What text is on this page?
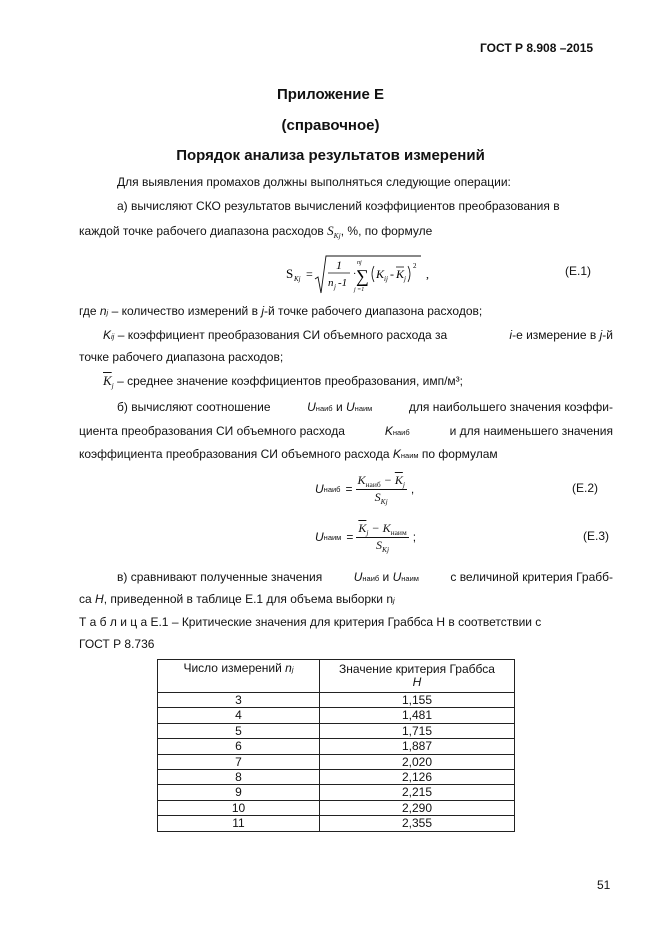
ГОСТ Р 8.908 –2015
Приложение Е
(справочное)
Порядок анализа результатов измерений
Для выявления промахов должны выполняться следующие операции:
а) вычисляют СКО результатов вычислений коэффициентов преобразования в
каждой точке рабочего диапазона расходов $S_{Kj}$, %, по формуле
S Kj =
1
n j -1
·
nj
∑
j =1
K ij - K j
2
,	(Е.1)
где nj – количество измерений в j-й точке рабочего диапазона расходов;
Kij – коэффициент преобразования СИ объемного расхода за	i-е измерение в j-й
точке рабочего диапазона расходов;
$\overline{K}_j$ – среднее значение коэффициентов преобразования, имп/м³;
б) вычисляют соотношение	Uнаиб и Uнаим	для наибольшего значения коэффи-
циента преобразования СИ объемного расхода	Kнаиб	и для наименьшего значения
коэффициента преобразования СИ объемного расхода Kнаим по формулам
U наиб = $\frac{K_{наиб} - \overline{K}_j}{S_{Kj}}$ ,	(Е.2)
U наим = $\frac{\overline{K}_j - K_{наим}}{S_{Kj}}$ ;	(Е.3)
в) сравнивают полученные значения	Uнаиб и Uнаим	с величиной критерия Грабб-
са H, приведенной в таблице Е.1 для объема выборки nj
Т а б л и ц а Е.1 – Критические значения для критерия Граббса Н в соответствии с
ГОСТ Р 8.736
Число измерений nj	Значение критерия Граббса
H
3	1,155
4	1,481
5	1,715
6	1,887
7	2,020
8	2,126
9	2,215
10	2,290
11	2,355
51
